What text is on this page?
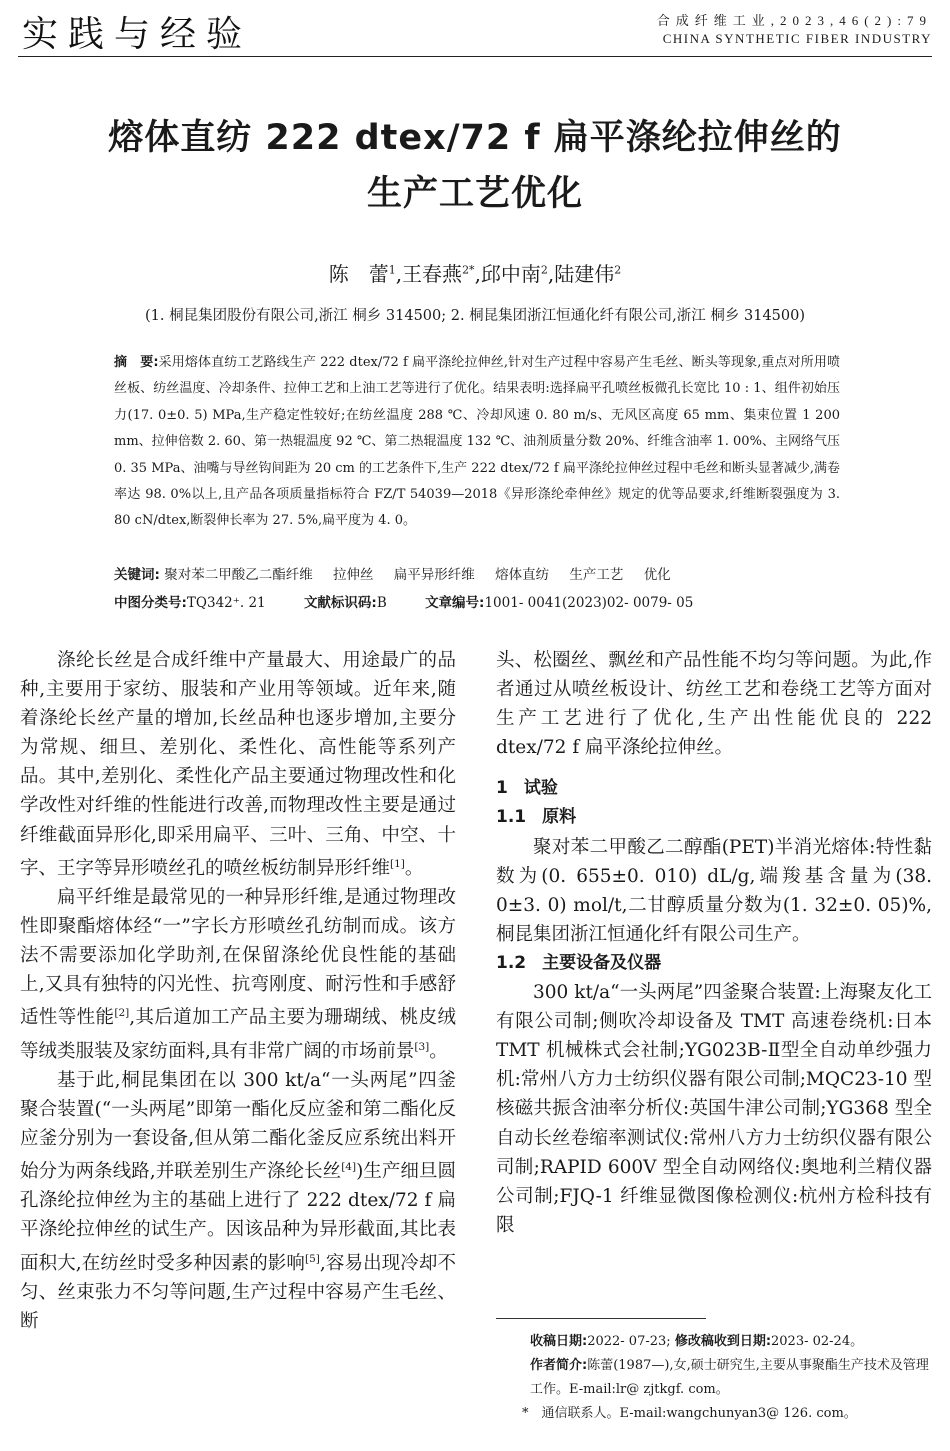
实践与经验	合成纤维工业,2023,46(2):79
CHINA SYNTHETIC FIBER INDUSTRY
熔体直纺 222 dtex/72 f 扁平涤纶拉伸丝的
生产工艺优化
陈　蕾$^1$,王春燕$^{2*}$,邱中南$^2$,陆建伟$^2$
(1. 桐昆集团股份有限公司,浙江 桐乡 314500; 2. 桐昆集团浙江恒通化纤有限公司,浙江 桐乡 314500)
摘　要:采用熔体直纺工艺路线生产 222 dtex/72 f 扁平涤纶拉伸丝,针对生产过程中容易产生毛丝、断头等现象,重点对所用喷丝板、纺丝温度、冷却条件、拉伸工艺和上油工艺等进行了优化。结果表明:选择扁平孔喷丝板微孔长宽比 10 : 1、组件初始压力(17. 0±0. 5) MPa,生产稳定性较好;在纺丝温度 288 ℃、冷却风速 0. 80 m/s、无风区高度 65 mm、集束位置 1 200 mm、拉伸倍数 2. 60、第一热辊温度 92 ℃、第二热辊温度 132 ℃、油剂质量分数 20%、纤维含油率 1. 00%、主网络气压 0. 35 MPa、油嘴与导丝钩间距为 20 cm 的工艺条件下,生产 222 dtex/72 f 扁平涤纶拉伸丝过程中毛丝和断头显著减少,满卷率达 98. 0%以上,且产品各项质量指标符合 FZ/T 54039—2018《异形涤纶牵伸丝》规定的优等品要求,纤维断裂强度为 3. 80 cN/dtex,断裂伸长率为 27. 5%,扁平度为 4. 0。
关键词: 聚对苯二甲酸乙二酯纤维 拉伸丝 扁平异形纤维 熔体直纺 生产工艺 优化
中图分类号:TQ342⁺. 21	文献标识码:B	文章编号:1001- 0041(2023)02- 0079- 05

涤纶长丝是合成纤维中产量最大、用途最广的品种,主要用于家纺、服装和产业用等领域。近年来,随着涤纶长丝产量的增加,长丝品种也逐步增加,主要分为常规、细旦、差别化、柔性化、高性能等系列产品。其中,差别化、柔性化产品主要通过物理改性和化学改性对纤维的性能进行改善,而物理改性主要是通过纤维截面异形化,即采用扁平、三叶、三角、中空、十字、王字等异形喷丝孔的喷丝板纺制异形纤维[1]。

扁平纤维是最常见的一种异形纤维,是通过物理改性即聚酯熔体经“一”字长方形喷丝孔纺制而成。该方法不需要添加化学助剂,在保留涤纶优良性能的基础上,又具有独特的闪光性、抗弯刚度、耐污性和手感舒适性等性能[2],其后道加工产品主要为珊瑚绒、桃皮绒等绒类服装及家纺面料,具有非常广阔的市场前景[3]。

基于此,桐昆集团在以 300 kt/a“一头两尾”四釜聚合装置(“一头两尾”即第一酯化反应釜和第二酯化反应釜分别为一套设备,但从第二酯化釜反应系统出料开始分为两条线路,并联差别生产涤纶长丝[4])生产细旦圆孔涤纶拉伸丝为主的基础上进行了 222 dtex/72 f 扁平涤纶拉伸丝的试生产。因该品种为异形截面,其比表面积大,在纺丝时受多种因素的影响[5],容易出现冷却不匀、丝束张力不匀等问题,生产过程中容易产生毛丝、断

头、松圈丝、飘丝和产品性能不均匀等问题。为此,作者通过从喷丝板设计、纺丝工艺和卷绕工艺等方面对生产工艺进行了优化,生产出性能优良的 222 dtex/72 f 扁平涤纶拉伸丝。

1 试验

1.1 原料

聚对苯二甲酸乙二醇酯(PET)半消光熔体:特性黏数为(0. 655±0. 010) dL/g,端羧基含量为(38. 0±3. 0) mol/t,二甘醇质量分数为(1. 32±0. 05)%,桐昆集团浙江恒通化纤有限公司生产。

1.2 主要设备及仪器

300 kt/a“一头两尾”四釜聚合装置:上海聚友化工有限公司制;侧吹冷却设备及 TMT 高速卷绕机:日本 TMT 机械株式会社制;YG023B-Ⅱ型全自动单纱强力机:常州八方力士纺织仪器有限公司制;MQC23-10 型核磁共振含油率分析仪:英国牛津公司制;YG368 型全自动长丝卷缩率测试仪:常州八方力士纺织仪器有限公司制;RAPID 600V 型全自动网络仪:奥地利兰精仪器公司制;FJQ-1 纤维显微图像检测仪:杭州方检科技有限

收稿日期:2022- 07-23; 修改稿收到日期:2023- 02-24。
作者简介:陈蕾(1987—),女,硕士研究生,主要从事聚酯生产技术及管理工作。E-mail:lr@ zjtkgf. com。
*　 通信联系人。E-mail:wangchunyan3@ 126. com。
